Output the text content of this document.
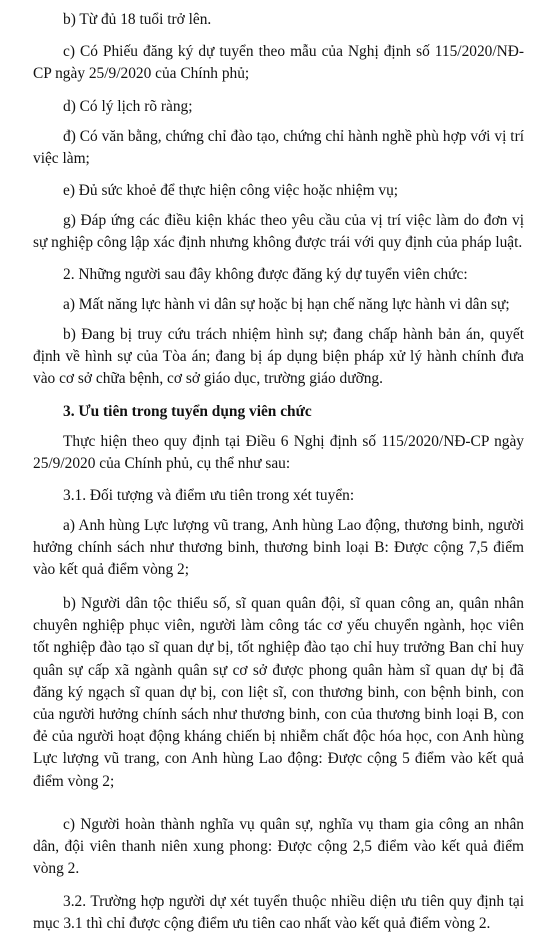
b) Từ đủ 18 tuổi trở lên.

c) Có Phiếu đăng ký dự tuyển theo mẫu của Nghị định số 115/2020/NĐ-CP ngày 25/9/2020 của Chính phủ;

d) Có lý lịch rõ ràng;

đ) Có văn bằng, chứng chỉ đào tạo, chứng chỉ hành nghề phù hợp với vị trí việc làm;

e) Đủ sức khoẻ để thực hiện công việc hoặc nhiệm vụ;

g) Đáp ứng các điều kiện khác theo yêu cầu của vị trí việc làm do đơn vị sự nghiệp công lập xác định nhưng không được trái với quy định của pháp luật.

2. Những người sau đây không được đăng ký dự tuyển viên chức:

a) Mất năng lực hành vi dân sự hoặc bị hạn chế năng lực hành vi dân sự;

b) Đang bị truy cứu trách nhiệm hình sự; đang chấp hành bản án, quyết định về hình sự của Tòa án; đang bị áp dụng biện pháp xử lý hành chính đưa vào cơ sở chữa bệnh, cơ sở giáo dục, trường giáo dưỡng.

3. Ưu tiên trong tuyển dụng viên chức

Thực hiện theo quy định tại Điều 6 Nghị định số 115/2020/NĐ-CP ngày 25/9/2020 của Chính phủ, cụ thể như sau:

3.1. Đối tượng và điểm ưu tiên trong xét tuyển:

a) Anh hùng Lực lượng vũ trang, Anh hùng Lao động, thương binh, người hưởng chính sách như thương binh, thương binh loại B: Được cộng 7,5 điểm vào kết quả điểm vòng 2;

b) Người dân tộc thiểu số, sĩ quan quân đội, sĩ quan công an, quân nhân chuyên nghiệp phục viên, người làm công tác cơ yếu chuyển ngành, học viên tốt nghiệp đào tạo sĩ quan dự bị, tốt nghiệp đào tạo chỉ huy trưởng Ban chỉ huy quân sự cấp xã ngành quân sự cơ sở được phong quân hàm sĩ quan dự bị đã đăng ký ngạch sĩ quan dự bị, con liệt sĩ, con thương binh, con bệnh binh, con của người hưởng chính sách như thương binh, con của thương binh loại B, con đẻ của người hoạt động kháng chiến bị nhiễm chất độc hóa học, con Anh hùng Lực lượng vũ trang, con Anh hùng Lao động: Được cộng 5 điểm vào kết quả điểm vòng 2;

c) Người hoàn thành nghĩa vụ quân sự, nghĩa vụ tham gia công an nhân dân, đội viên thanh niên xung phong: Được cộng 2,5 điểm vào kết quả điểm vòng 2.

3.2. Trường hợp người dự xét tuyển thuộc nhiều diện ưu tiên quy định tại mục 3.1 thì chỉ được cộng điểm ưu tiên cao nhất vào kết quả điểm vòng 2.
